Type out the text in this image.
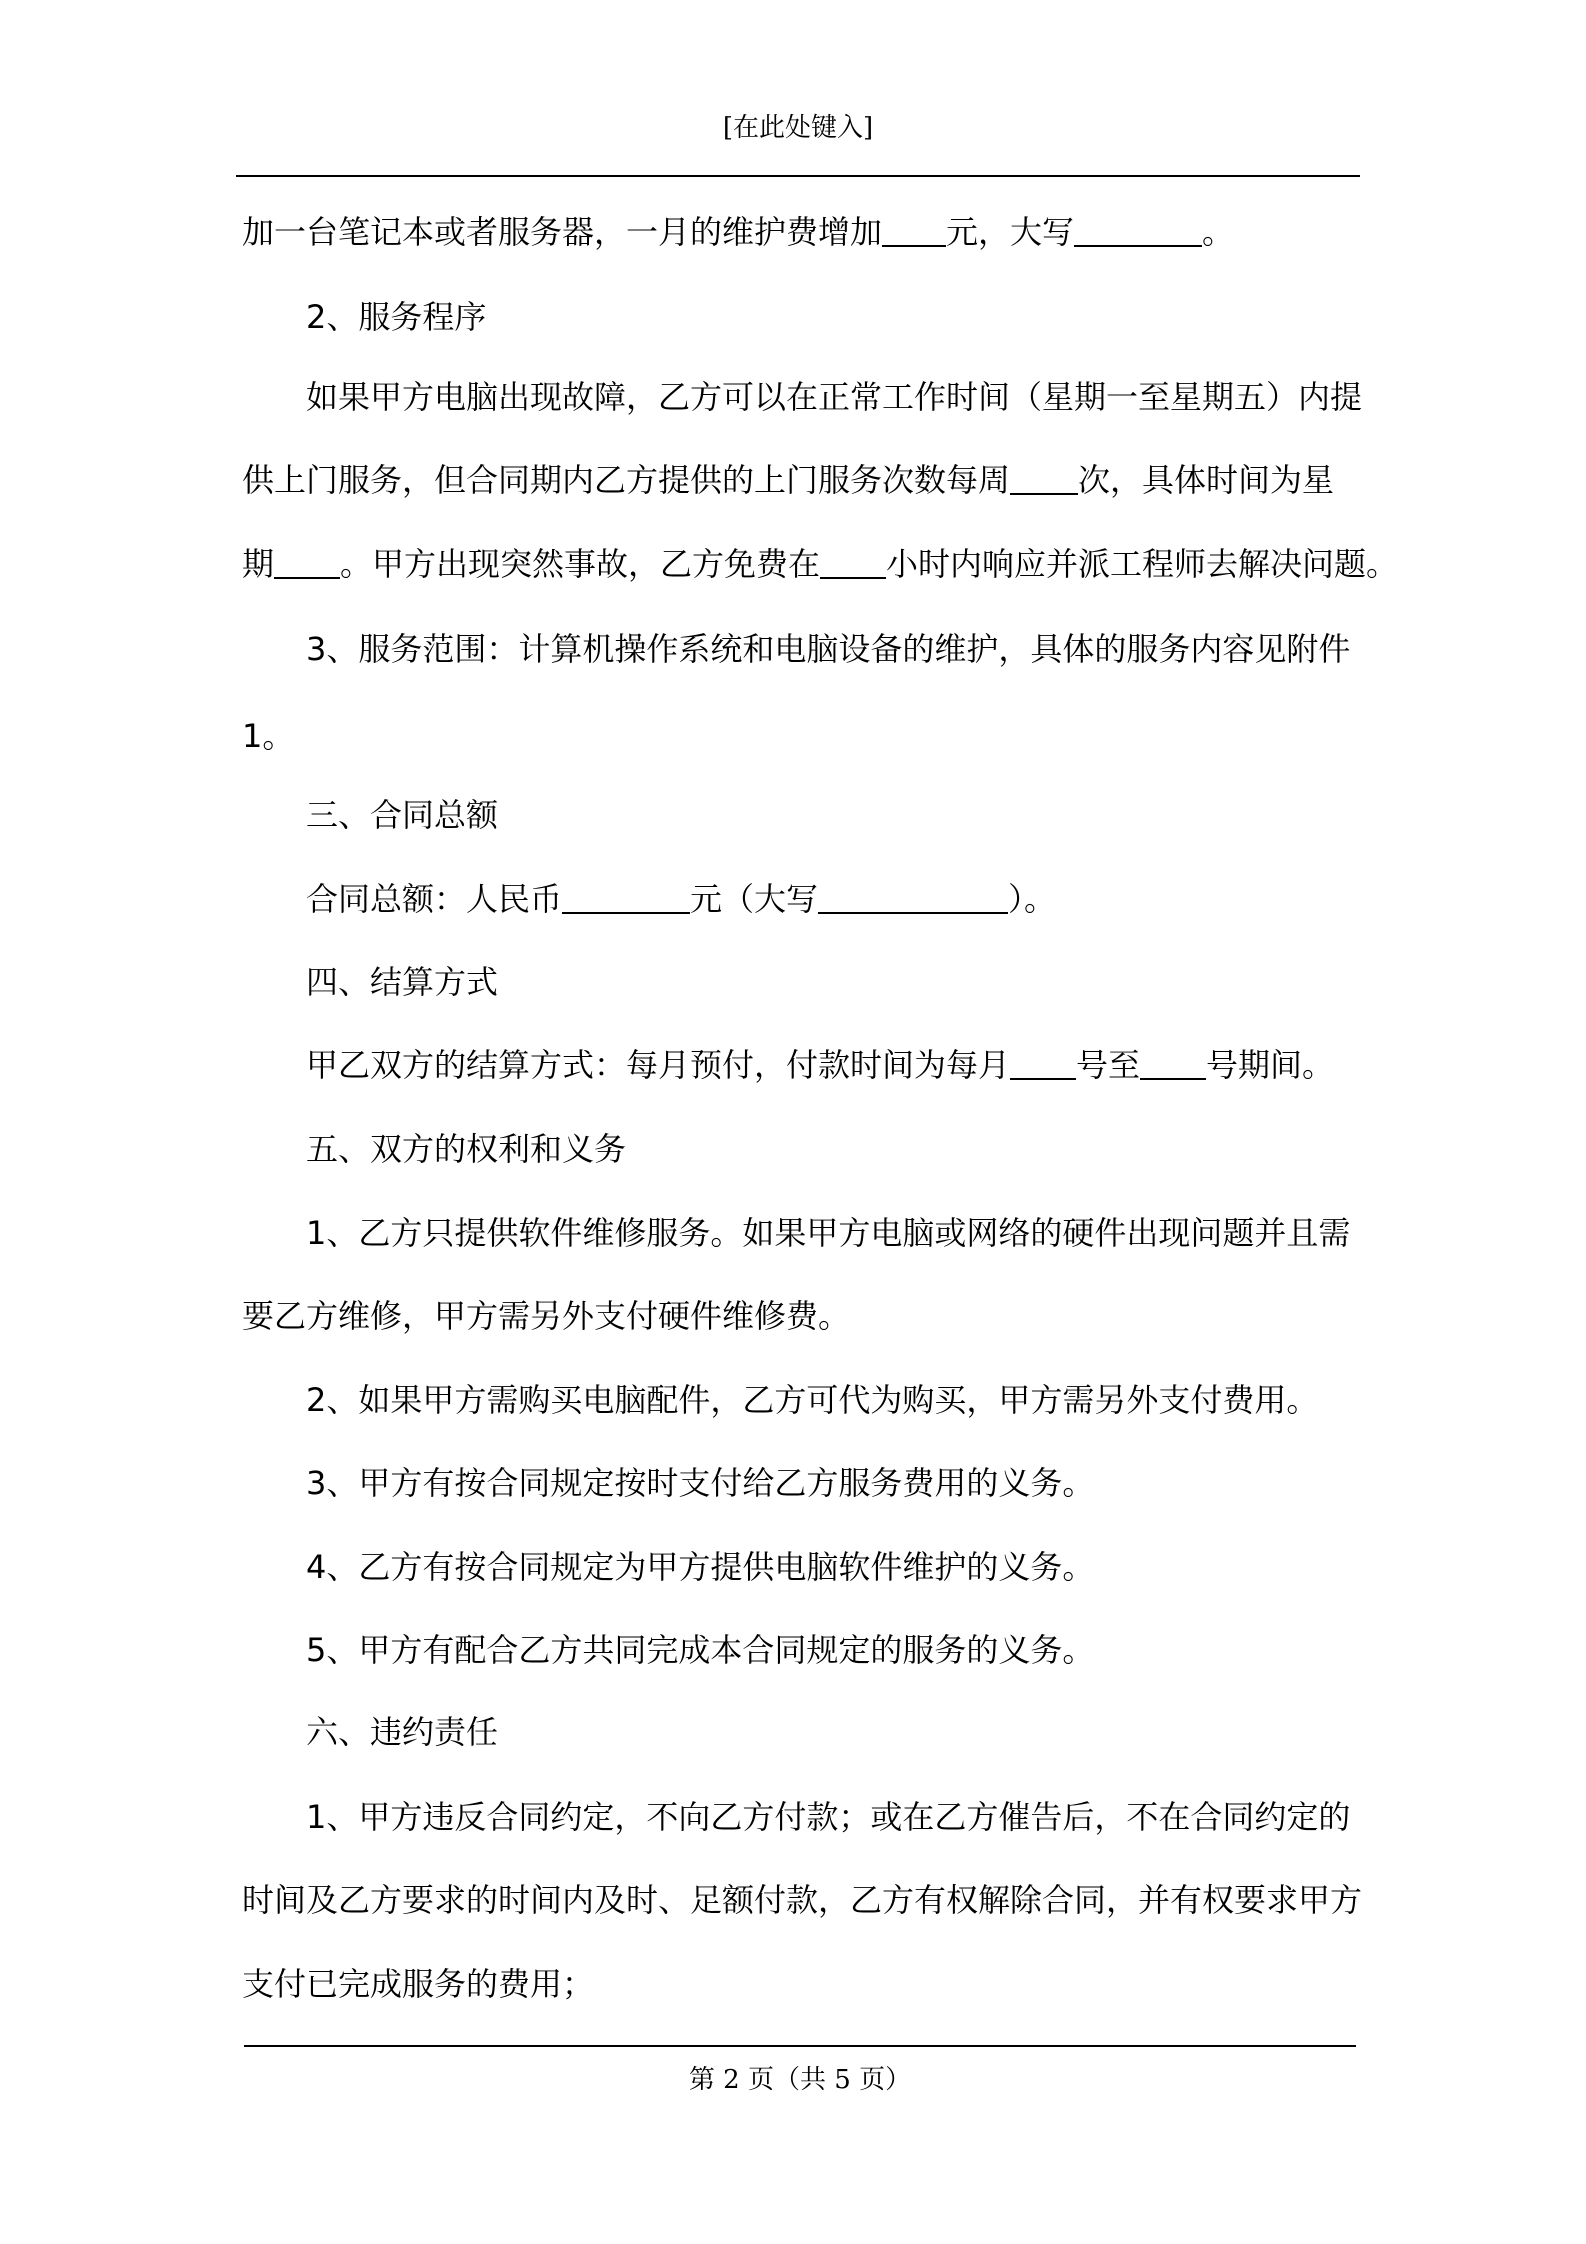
[在此处键入]
加一台笔记本或者服务器，一月的维护费增加 元，大写	。
2、服务程序
如果甲方电脑出现故障，乙方可以在正常工作时间（星期一至星期五）内提
供上门服务，但合同期内乙方提供的上门服务次数每周 次，具体时间为星
期 。甲方出现突然事故，乙方免费在 小时内响应并派工程师去解决问题。
3、服务范围：计算机操作系统和电脑设备的维护，具体的服务内容见附件
1。
三、合同总额
合同总额：人民币	元（大写	）。
四、结算方式
甲乙双方的结算方式：每月预付，付款时间为每月 号至 号期间。
五、双方的权利和义务
1、乙方只提供软件维修服务。如果甲方电脑或网络的硬件出现问题并且需
要乙方维修，甲方需另外支付硬件维修费。
2、如果甲方需购买电脑配件，乙方可代为购买，甲方需另外支付费用。
3、甲方有按合同规定按时支付给乙方服务费用的义务。
4、乙方有按合同规定为甲方提供电脑软件维护的义务。
5、甲方有配合乙方共同完成本合同规定的服务的义务。
六、违约责任
1、甲方违反合同约定，不向乙方付款；或在乙方催告后，不在合同约定的
时间及乙方要求的时间内及时、足额付款，乙方有权解除合同，并有权要求甲方
支付已完成服务的费用；
第 2 页（共 5 页）
